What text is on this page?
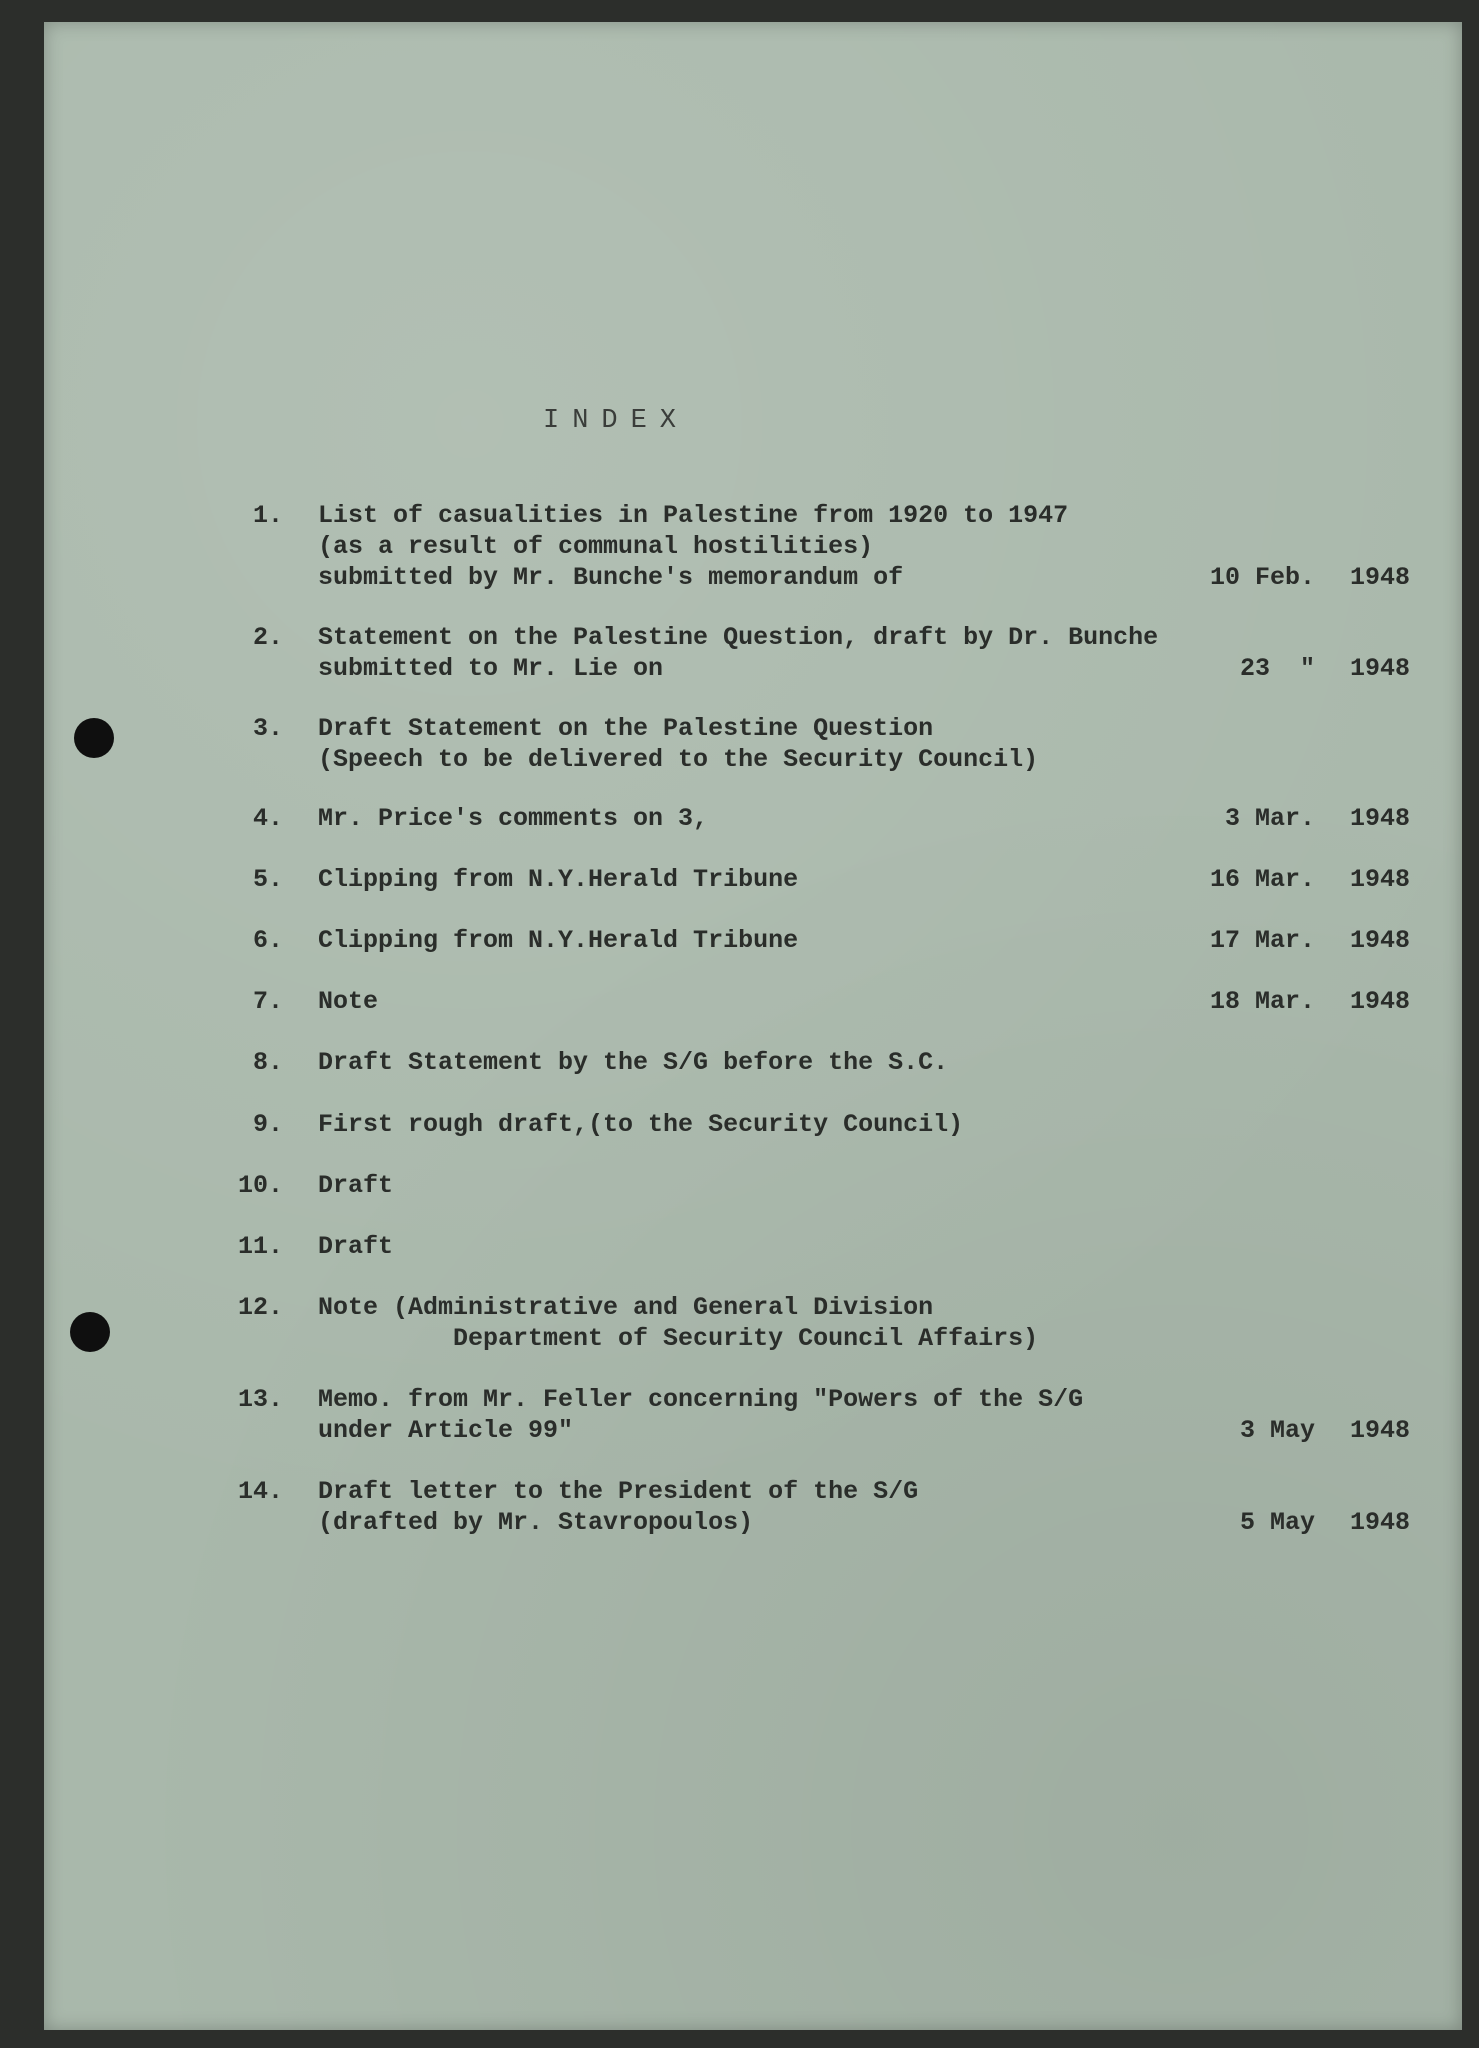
INDEX
1. List of casualities in Palestine from 1920 to 1947
(as a result of communal hostilities)
submitted by Mr. Bunche's memorandum of	10 Feb. 1948
2. Statement on the Palestine Question, draft by Dr. Bunche
submitted to Mr. Lie on	23  " 1948
3. Draft Statement on the Palestine Question
(Speech to be delivered to the Security Council)
4. Mr. Price's comments on 3,	3 Mar. 1948
5. Clipping from N.Y.Herald Tribune	16 Mar. 1948
6. Clipping from N.Y.Herald Tribune	17 Mar. 1948
7. Note	18 Mar. 1948
8. Draft Statement by the S/G before the S.C.
9. First rough draft,(to the Security Council)
10. Draft
11. Draft
12. Note (Administrative and General Division
Department of Security Council Affairs)
13. Memo. from Mr. Feller concerning "Powers of the S/G
under Article 99"	3 May 1948
14. Draft letter to the President of the S/G
(drafted by Mr. Stavropoulos)	5 May 1948
